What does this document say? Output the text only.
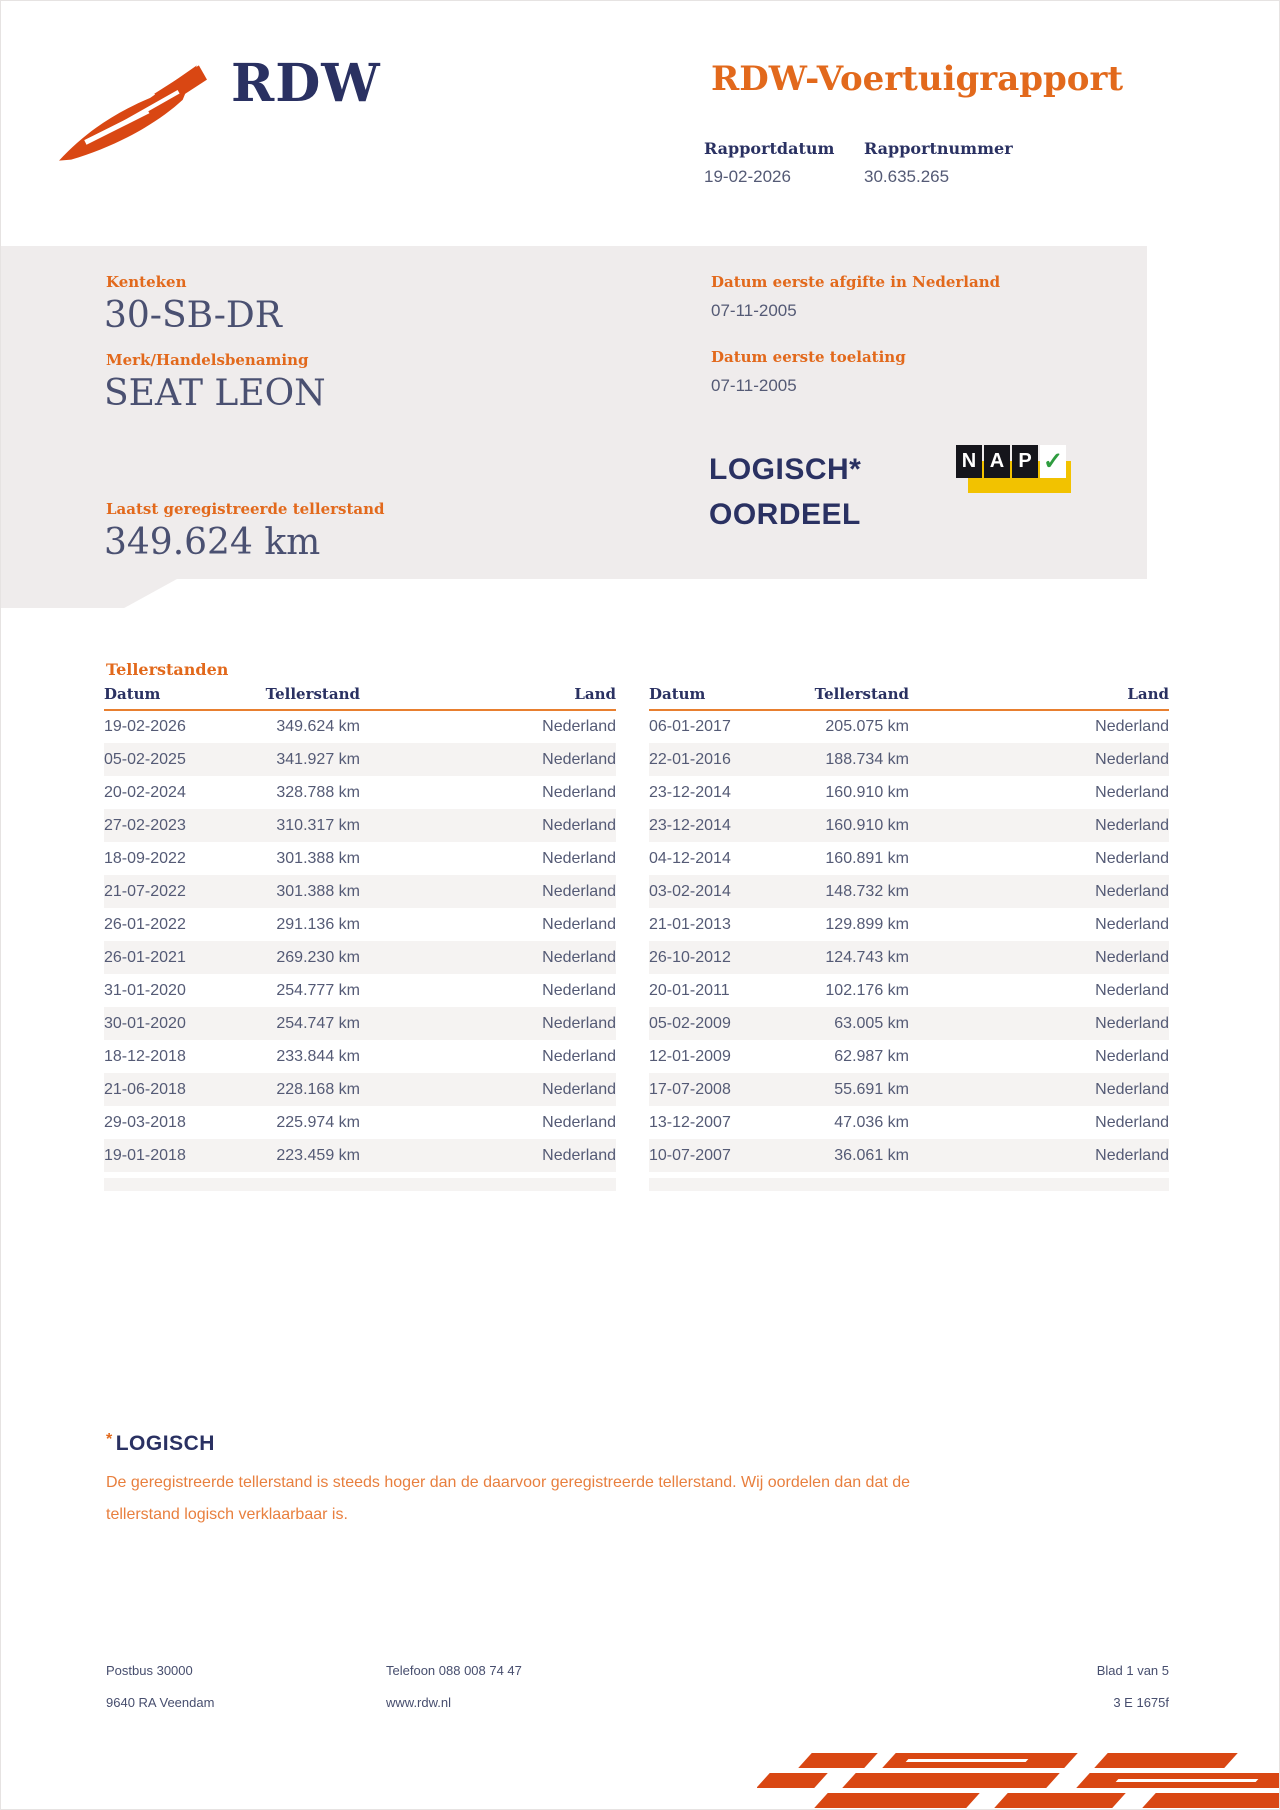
RDW	RDW-Voertuigrapport
Rapportdatum Rapportnummer
19-02-2026	30.635.265
Kenteken
30-SB-DR
Merk/Handelsbenaming
SEAT LEON
Laatst geregistreerde tellerstand
349.624 km
Datum eerste afgifte in Nederland
07-11-2005
Datum eerste toelating
07-11-2005
LOGISCH*
OORDEEL
N A P ✓
Tellerstanden
Datum	Tellerstand	Land
19-02-2026	349.624 km	Nederland
05-02-2025	341.927 km	Nederland
20-02-2024	328.788 km	Nederland
27-02-2023	310.317 km	Nederland
18-09-2022	301.388 km	Nederland
21-07-2022	301.388 km	Nederland
26-01-2022	291.136 km	Nederland
26-01-2021	269.230 km	Nederland
31-01-2020	254.777 km	Nederland
30-01-2020	254.747 km	Nederland
18-12-2018	233.844 km	Nederland
21-06-2018	228.168 km	Nederland
29-03-2018	225.974 km	Nederland
19-01-2018	223.459 km	Nederland
Datum	Tellerstand	Land
06-01-2017	205.075 km	Nederland
22-01-2016	188.734 km	Nederland
23-12-2014	160.910 km	Nederland
23-12-2014	160.910 km	Nederland
04-12-2014	160.891 km	Nederland
03-02-2014	148.732 km	Nederland
21-01-2013	129.899 km	Nederland
26-10-2012	124.743 km	Nederland
20-01-2011	102.176 km	Nederland
05-02-2009	63.005 km	Nederland
12-01-2009	62.987 km	Nederland
17-07-2008	55.691 km	Nederland
13-12-2007	47.036 km	Nederland
10-07-2007	36.061 km	Nederland
* LOGISCH
De geregistreerde tellerstand is steeds hoger dan de daarvoor geregistreerde tellerstand. Wij oordelen dan dat de
tellerstand logisch verklaarbaar is.
Postbus 30000
9640 RA Veendam
Telefoon 088 008 74 47
www.rdw.nl
Blad 1 van 5
3 E 1675f
